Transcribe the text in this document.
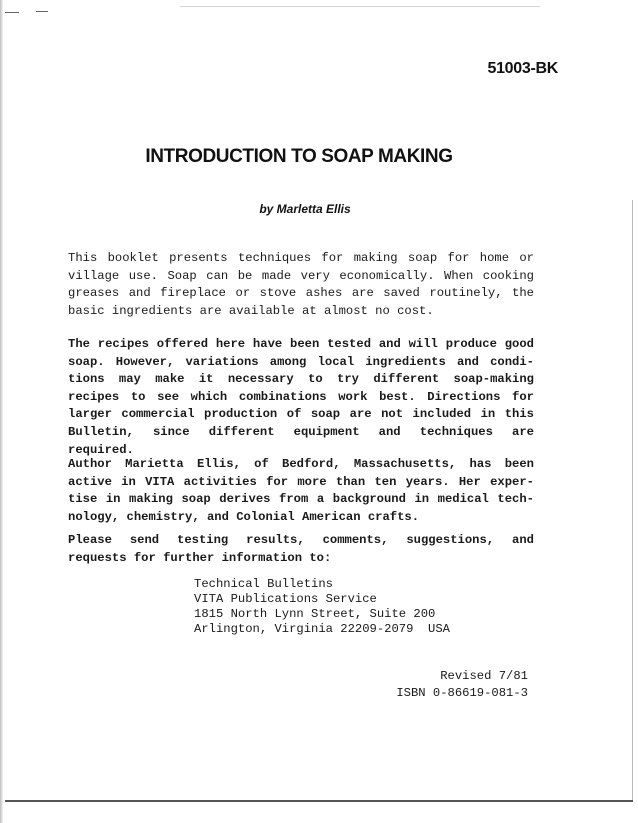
51003-BK
INTRODUCTION TO SOAP MAKING
by Marletta Ellis
This booklet presents techniques for making soap for home or
village use. Soap can be made very economically. When cooking
greases and fireplace or stove ashes are saved routinely, the
basic ingredients are available at almost no cost.
The recipes offered here have been tested and will produce good
soap. However, variations among local ingredients and condi-
tions may make it necessary to try different soap-making
recipes to see which combinations work best. Directions for
larger commercial production of soap are not included in this
Bulletin, since different equipment and techniques are
required.
Author Marietta Ellis, of Bedford, Massachusetts, has been
active in VITA activities for more than ten years. Her exper-
tise in making soap derives from a background in medical tech-
nology, chemistry, and Colonial American crafts.
Please send testing results, comments, suggestions, and
requests for further information to:
Technical Bulletins
VITA Publications Service
1815 North Lynn Street, Suite 200
Arlington, Virginia 22209-2079  USA
Revised 7/81
ISBN 0-86619-081-3
